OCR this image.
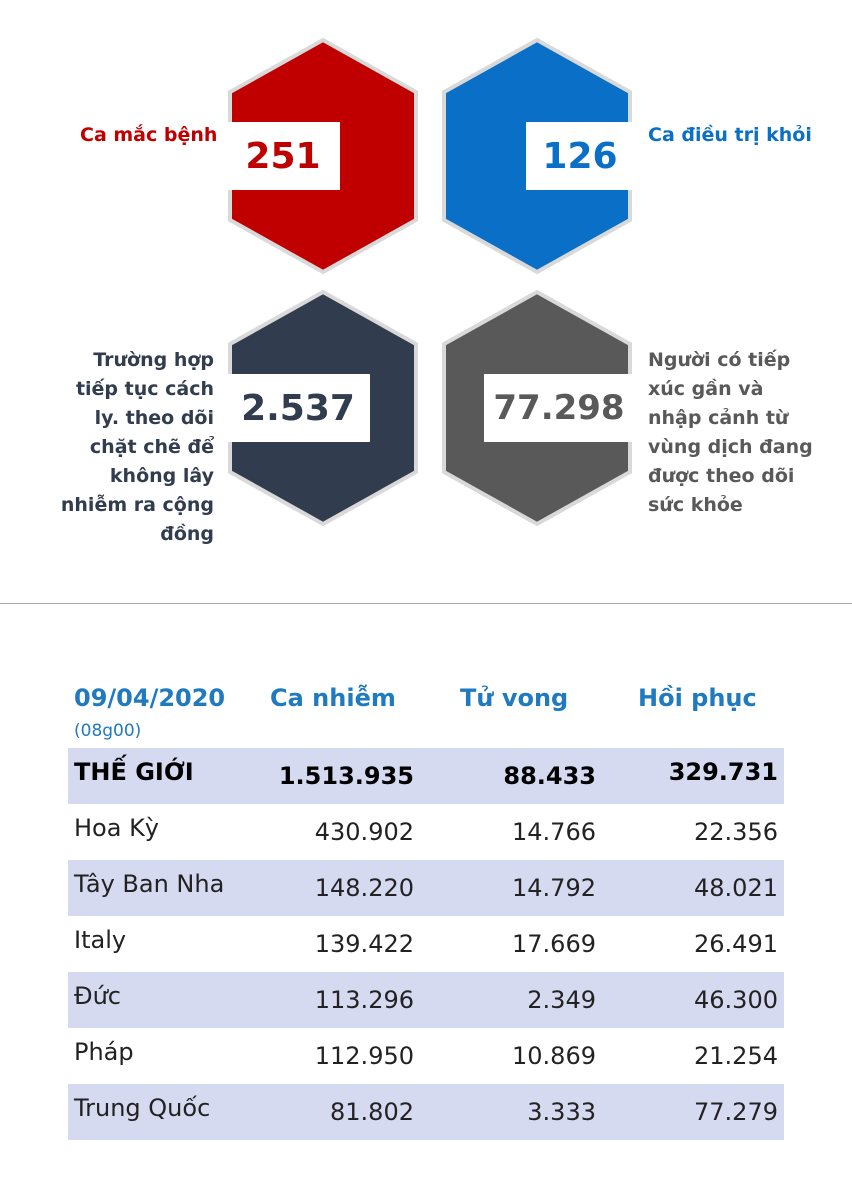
251
Ca mắc bệnh
126
Ca điều trị khỏi
2.537
Trường hợp
tiếp tục cách
ly. theo dõi
chặt chẽ để
không lây
nhiễm ra cộng
đồng
77.298
Người có tiếp
xúc gần và
nhập cảnh từ
vùng dịch đang
được theo dõi
sức khỏe
09/04/2020
(08g00)
Ca nhiễm	Tử vong	Hồi phục
THẾ GIỚI	1.513.935	88.433	329.731
Hoa Kỳ	430.902	14.766	22.356
Tây Ban Nha	148.220	14.792	48.021
Italy	139.422	17.669	26.491
Đức	113.296	2.349	46.300
Pháp	112.950	10.869	21.254
Trung Quốc	81.802	3.333	77.279
